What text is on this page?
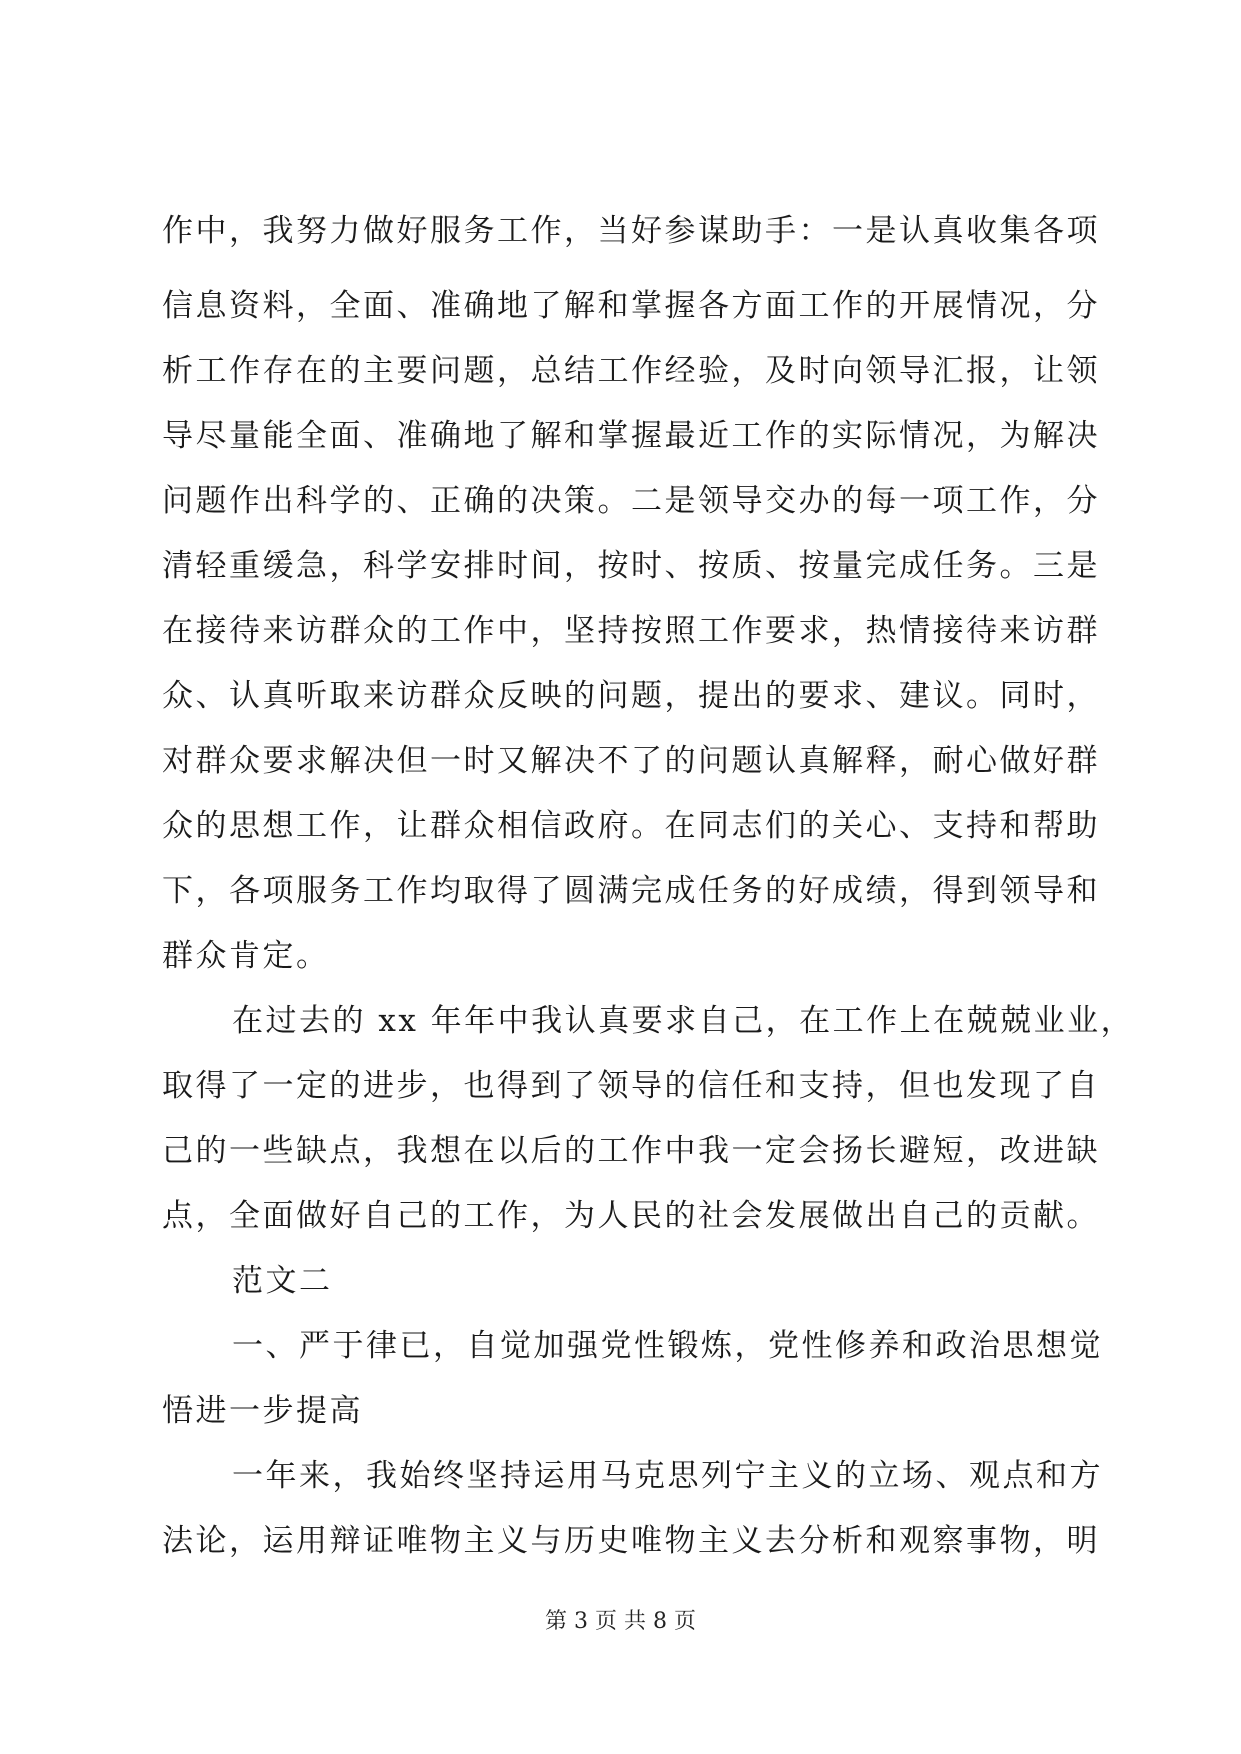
作中，我努力做好服务工作，当好参谋助手：一是认真收集各项
信息资料，全面、准确地了解和掌握各方面工作的开展情况，分
析工作存在的主要问题，总结工作经验，及时向领导汇报，让领
导尽量能全面、准确地了解和掌握最近工作的实际情况，为解决
问题作出科学的、正确的决策。二是领导交办的每一项工作，分
清轻重缓急，科学安排时间，按时、按质、按量完成任务。三是
在接待来访群众的工作中，坚持按照工作要求，热情接待来访群
众、认真听取来访群众反映的问题，提出的要求、建议。同时，
对群众要求解决但一时又解决不了的问题认真解释，耐心做好群
众的思想工作，让群众相信政府。在同志们的关心、支持和帮助
下，各项服务工作均取得了圆满完成任务的好成绩，得到领导和
群众肯定。
在过去的 xx 年年中我认真要求自己，在工作上在兢兢业业，
取得了一定的进步，也得到了领导的信任和支持，但也发现了自
己的一些缺点，我想在以后的工作中我一定会扬长避短，改进缺
点，全面做好自己的工作，为人民的社会发展做出自己的贡献。
范文二
一、严于律已，自觉加强党性锻炼，党性修养和政治思想觉
悟进一步提高
一年来，我始终坚持运用马克思列宁主义的立场、观点和方
法论，运用辩证唯物主义与历史唯物主义去分析和观察事物，明
第 3 页 共 8 页
